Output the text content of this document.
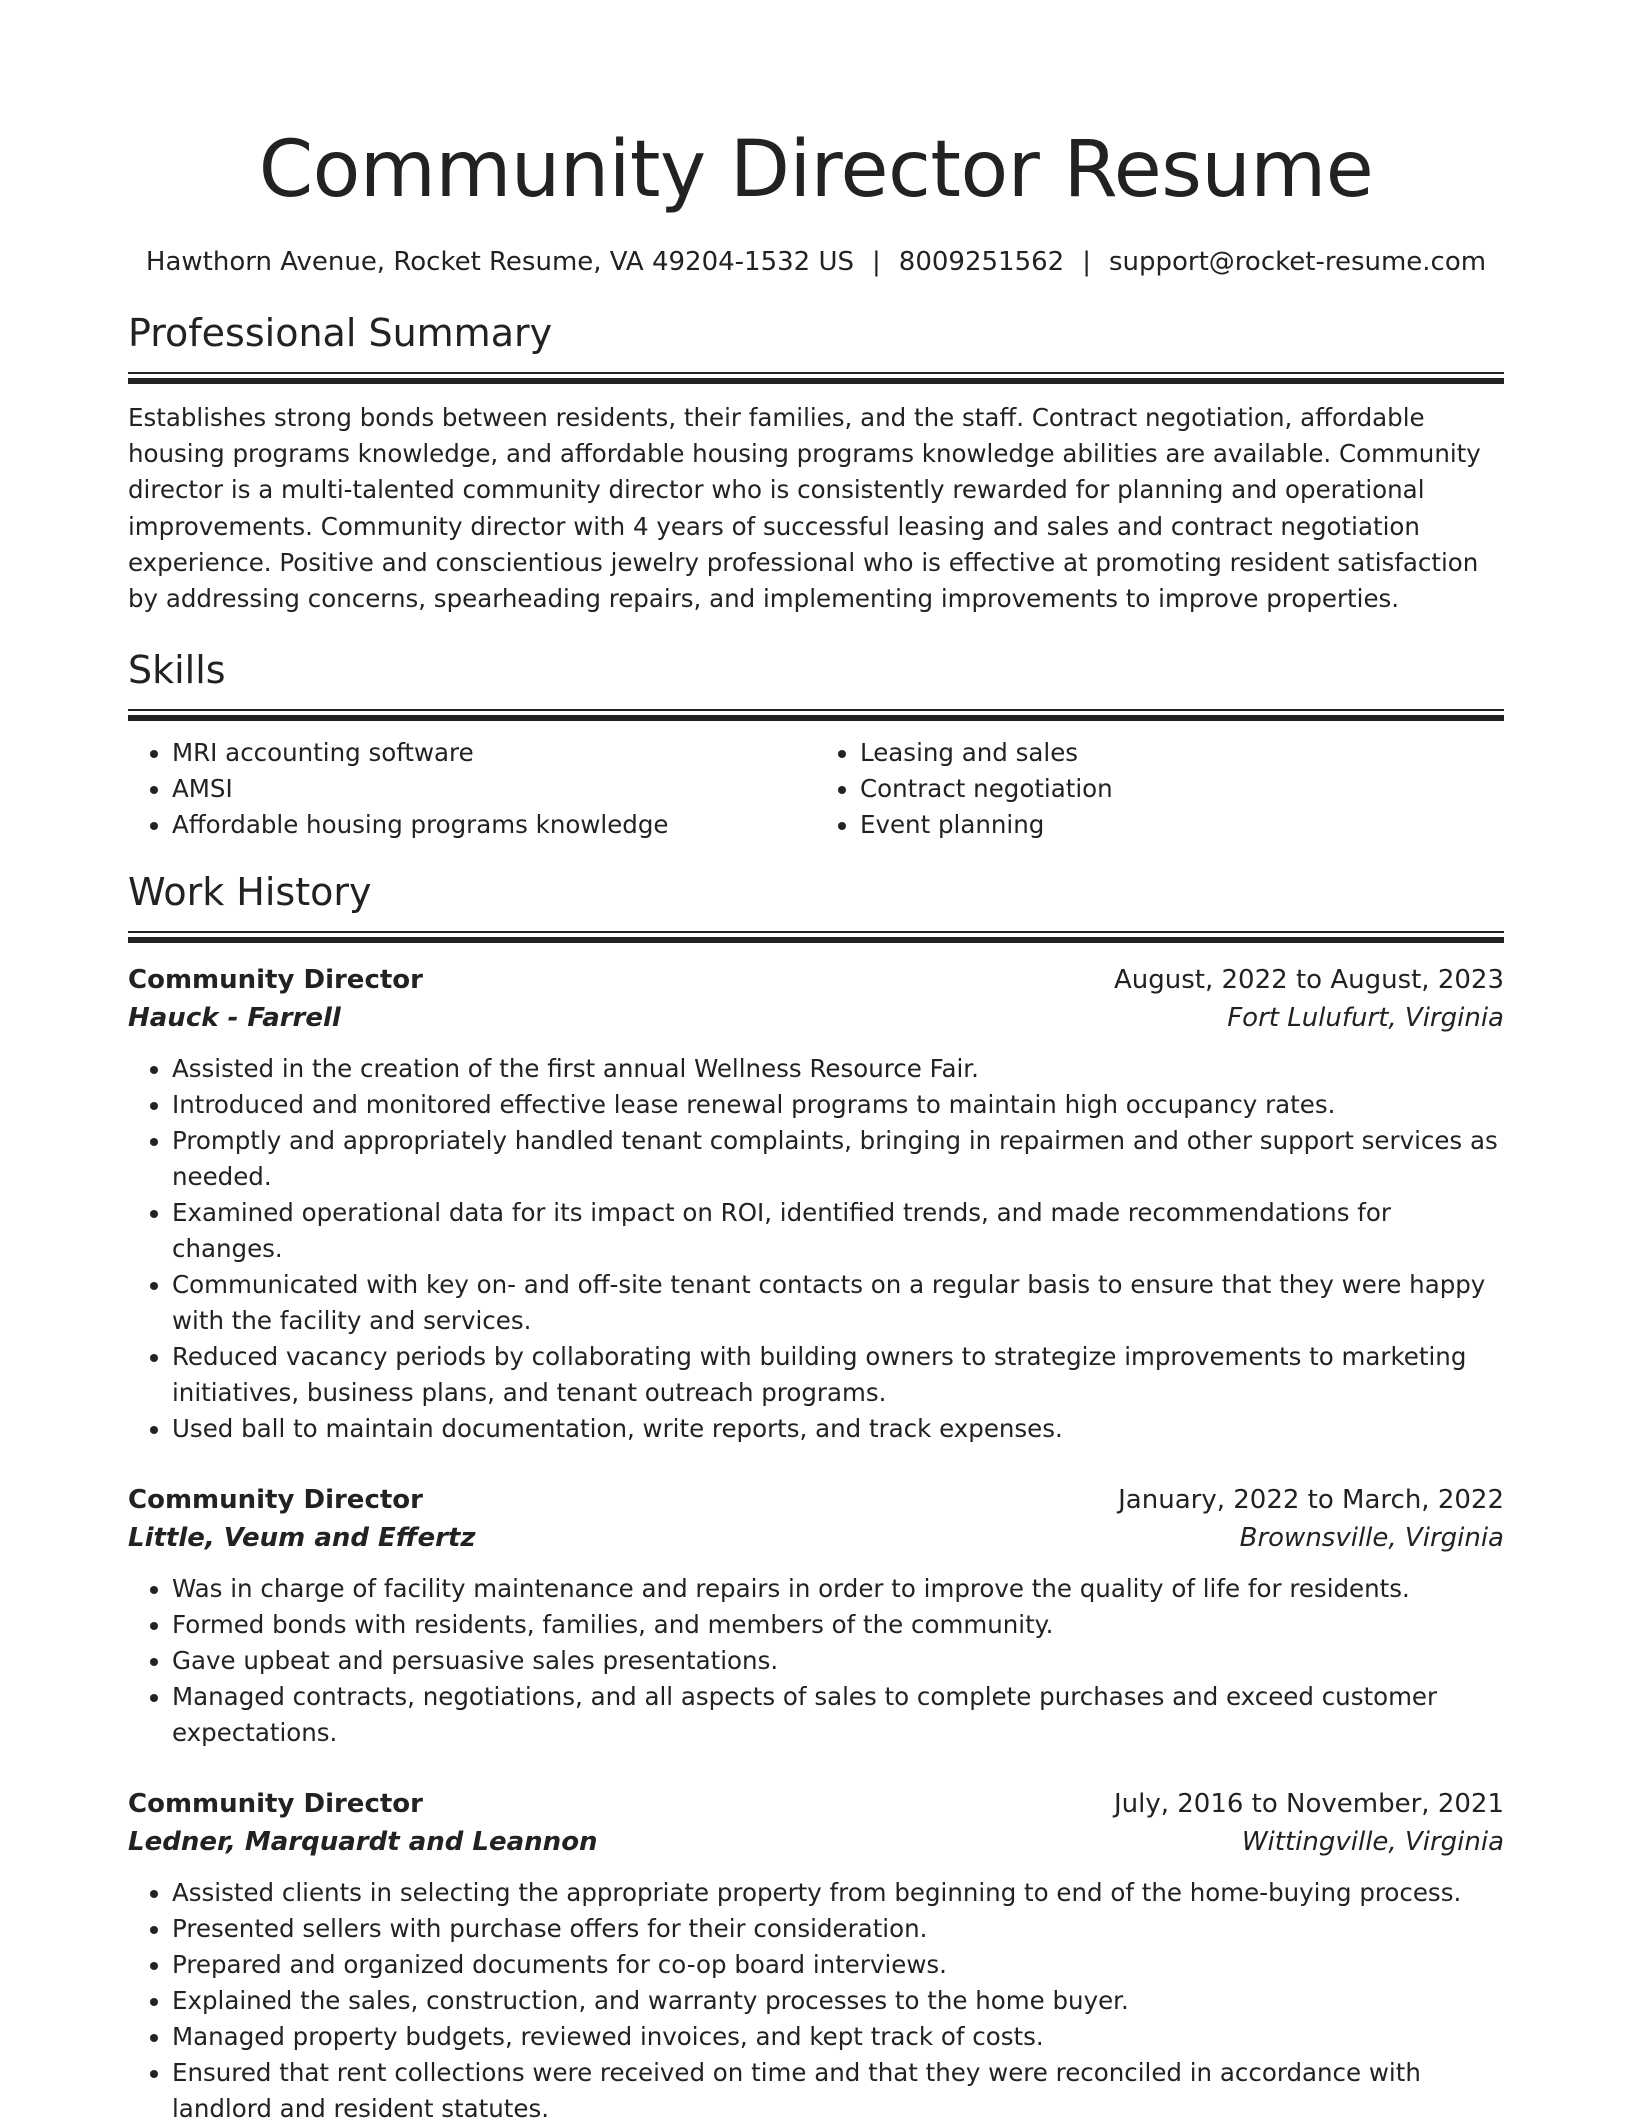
Community Director Resume
Hawthorn Avenue, Rocket Resume, VA 49204-1532 US | 8009251562 | support@rocket-resume.com
Professional Summary

Establishes strong bonds between residents, their families, and the staff. Contract negotiation, affordable housing programs knowledge, and affordable housing programs knowledge abilities are available. Community director is a multi-talented community director who is consistently rewarded for planning and operational improvements. Community director with 4 years of successful leasing and sales and contract negotiation experience. Positive and conscientious jewelry professional who is effective at promoting resident satisfaction by addressing concerns, spearheading repairs, and implementing improvements to improve properties.

Skills
• MRI accounting software
• AMSI
• Affordable housing programs knowledge
• Leasing and sales
• Contract negotiation
• Event planning
Work History
Community Director	August, 2022 to August, 2023
Hauck - Farrell	Fort Lulufurt, Virginia
• Assisted in the creation of the first annual Wellness Resource Fair.
• Introduced and monitored effective lease renewal programs to maintain high occupancy rates.
• Promptly and appropriately handled tenant complaints, bringing in repairmen and other support services as needed.
• Examined operational data for its impact on ROI, identified trends, and made recommendations for changes.
• Communicated with key on- and off-site tenant contacts on a regular basis to ensure that they were happy with the facility and services.
• Reduced vacancy periods by collaborating with building owners to strategize improvements to marketing initiatives, business plans, and tenant outreach programs.
• Used ball to maintain documentation, write reports, and track expenses.
Community Director	January, 2022 to March, 2022
Little, Veum and Effertz	Brownsville, Virginia
• Was in charge of facility maintenance and repairs in order to improve the quality of life for residents.
• Formed bonds with residents, families, and members of the community.
• Gave upbeat and persuasive sales presentations.
• Managed contracts, negotiations, and all aspects of sales to complete purchases and exceed customer expectations.
Community Director	July, 2016 to November, 2021
Ledner, Marquardt and Leannon	Wittingville, Virginia
• Assisted clients in selecting the appropriate property from beginning to end of the home-buying process.
• Presented sellers with purchase offers for their consideration.
• Prepared and organized documents for co-op board interviews.
• Explained the sales, construction, and warranty processes to the home buyer.
• Managed property budgets, reviewed invoices, and kept track of costs.
• Ensured that rent collections were received on time and that they were reconciled in accordance with landlord and resident statutes.
